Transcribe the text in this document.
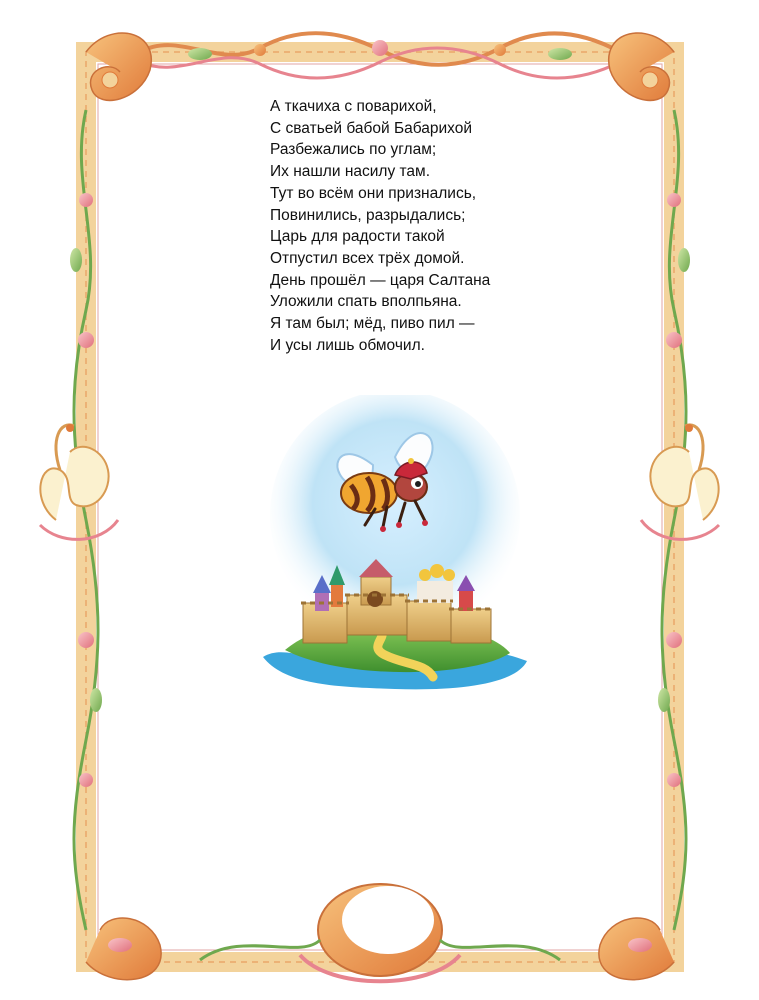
А ткачиха с поварихой,
С сватьей бабой Бабарихой
Разбежались по углам;
Их нашли насилу там.
Тут во всём они признались,
Повинились, разрыдались;
Царь для радости такой
Отпустил всех трёх домой.
День прошёл — царя Салтана
Уложили спать вполпьяна.
Я там был; мёд, пиво пил —
И усы лишь обмочил.
